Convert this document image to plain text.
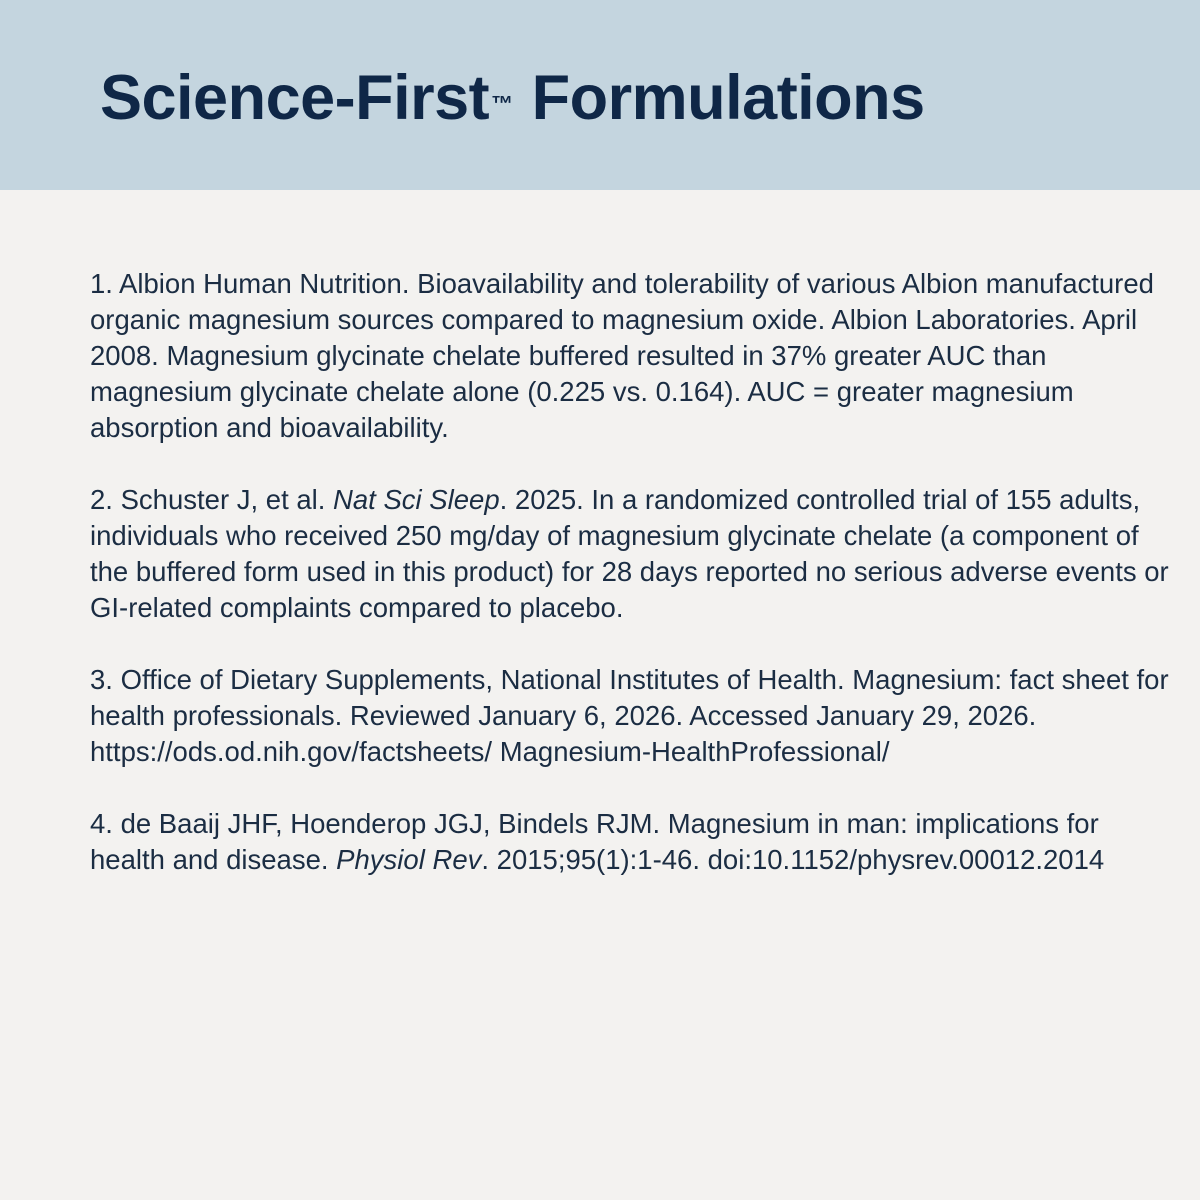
Science-First™ Formulations

1. Albion Human Nutrition. Bioavailability and tolerability of various Albion manufactured organic magnesium sources compared to magnesium oxide. Albion Laboratories. April 2008. Magnesium glycinate chelate buffered resulted in 37% greater AUC than magnesium glycinate chelate alone (0.225 vs. 0.164). AUC = greater magnesium absorption and bioavailability.

2. Schuster J, et al. Nat Sci Sleep. 2025. In a randomized controlled trial of 155 adults, individuals who received 250 mg/day of magnesium glycinate chelate (a component of the buffered form used in this product) for 28 days reported no serious adverse events or GI-related complaints compared to placebo.

3. Office of Dietary Supplements, National Institutes of Health. Magnesium: fact sheet for health professionals. Reviewed January 6, 2026. Accessed January 29, 2026. https://ods.od.nih.gov/factsheets/ Magnesium-HealthProfessional/

4. de Baaij JHF, Hoenderop JGJ, Bindels RJM. Magnesium in man: implications for health and disease. Physiol Rev. 2015;95(1):1-46. doi:10.1152/physrev.00012.2014
